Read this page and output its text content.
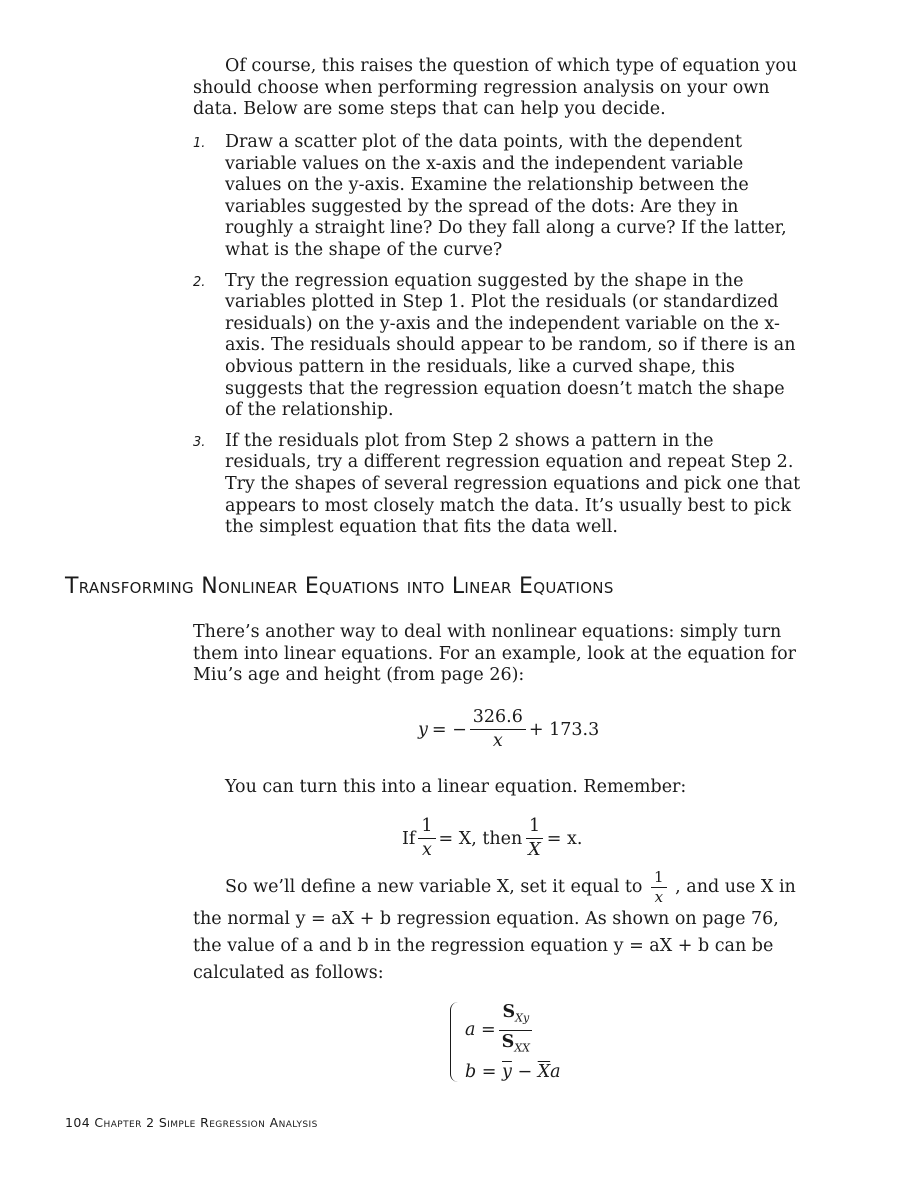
Of course, this raises the question of which type of equation you should choose when performing regression analysis on your own data. Below are some steps that can help you decide.

1. Draw a scatter plot of the data points, with the dependent variable values on the x-axis and the independent variable values on the y-axis. Examine the relationship between the variables suggested by the spread of the dots: Are they in roughly a straight line? Do they fall along a curve? If the latter, what is the shape of the curve?
2. Try the regression equation suggested by the shape in the variables plotted in Step 1. Plot the residuals (or standardized residuals) on the y-axis and the independent variable on the x-axis. The residuals should appear to be random, so if there is an obvious pattern in the residuals, like a curved shape, this suggests that the regression equation doesn’t match the shape of the relationship.
3. If the residuals plot from Step 2 shows a pattern in the residuals, try a different regression equation and repeat Step 2. Try the shapes of several regression equations and pick one that appears to most closely match the data. It’s usually best to pick the simplest equation that fits the data well.
Transforming Nonlinear Equations into Linear Equations

There’s another way to deal with nonlinear equations: simply turn them into linear equations. For an example, look at the equation for Miu’s age and height (from page 26):

y = − $\frac{326.6}{x} + 173.3$

You can turn this into a linear equation. Remember:

If $\frac{1}{x} = X$, then $\frac{1}{X} = x$.
So we’ll define a new variable X, set it equal to $\frac{1}{x}$ , and use X in the normal y = aX + b regression equation. As shown on page 76, the value of a and b in the regression equation y = aX + b can be calculated as follows:
$a = \frac{S_{Xy}}{S_{XX}}$
$b = \overline{y} - \overline{X}a$
104 Chapter 2 Simple Regression Analysis
